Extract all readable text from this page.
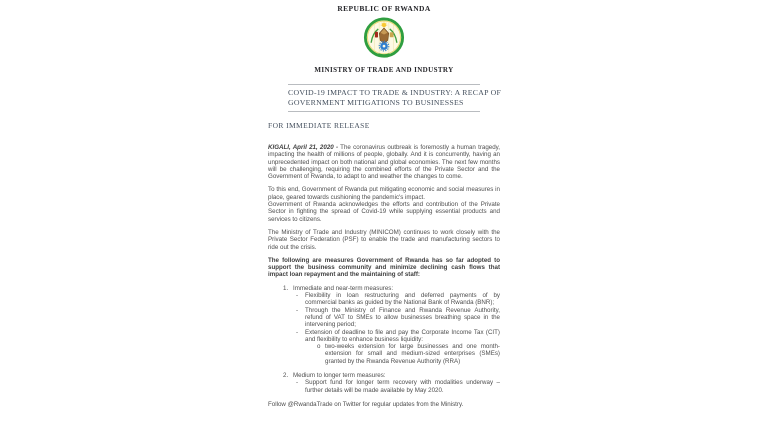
REPUBLIC OF RWANDA
MINISTRY OF TRADE AND INDUSTRY
COVID-19 IMPACT TO TRADE & INDUSTRY: A RECAP OF
GOVERNMENT MITIGATIONS TO BUSINESSES
FOR IMMEDIATE RELEASE

KIGALI, April 21, 2020 - The coronavirus outbreak is foremostly a human tragedy, impacting the health of millions of people, globally. And it is concurrently, having an unprecedented impact on both national and global economies. The next few months will be challenging, requiring the combined efforts of the Private Sector and the Government of Rwanda, to adapt to and weather the changes to come.

To this end, Government of Rwanda put mitigating economic and social measures in place, geared towards cushioning the pandemic's impact.
Government of Rwanda acknowledges the efforts and contribution of the Private Sector in fighting the spread of Covid-19 while supplying essential products and services to citizens.

The Ministry of Trade and Industry (MINICOM) continues to work closely with the Private Sector Federation (PSF) to enable the trade and manufacturing sectors to ride out the crisis.

The following are measures Government of Rwanda has so far adopted to support the business community and minimize declining cash flows that impact loan repayment and the maintaining of staff:

1. Immediate and near-term measures:
-	Flexibility in loan restructuring and deferred payments of by commercial banks as guided by the National Bank of Rwanda (BNR);

-	Through the Ministry of Finance and Rwanda Revenue Authority, refund of VAT to SMEs to allow businesses breathing space in the intervening period;

-	Extension of deadline to file and pay the Corporate Income Tax (CIT) and flexibility to enhance business liquidity:

o two-weeks extension for large businesses and one month-extension for small and medium-sized enterprises (SMEs) granted by the Rwanda Revenue Authority (RRA)

2. Medium to longer term measures:
-	Support fund for longer term recovery with modalities underway – further details will be made available by May 2020.

Follow @RwandaTrade on Twitter for regular updates from the Ministry.
